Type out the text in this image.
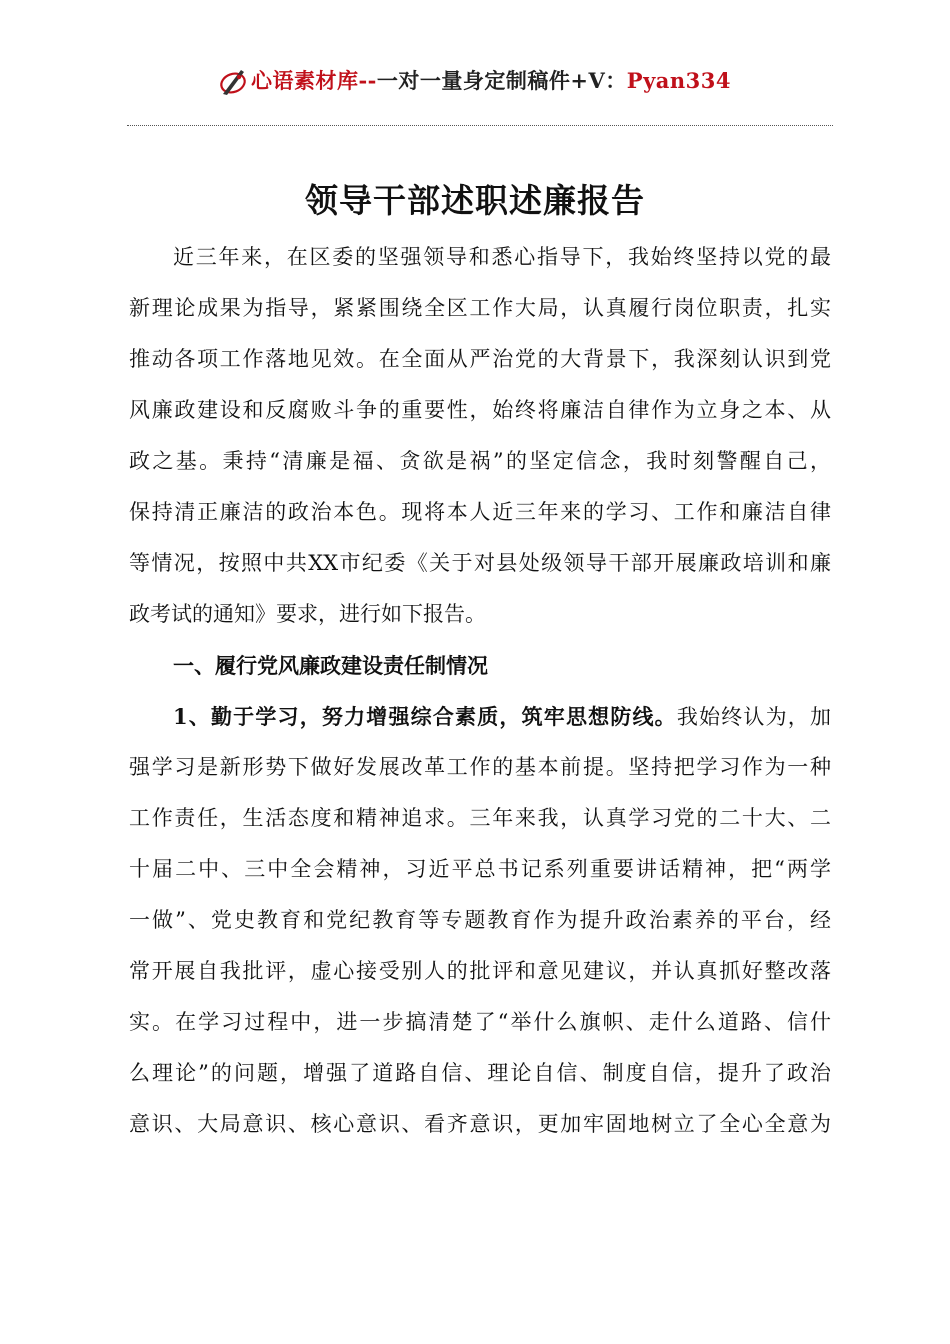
心语素材库--一对一量身定制稿件+V：Pyan334
领导干部述职述廉报告
近三年来，在区委的坚强领导和悉心指导下，我始终坚持以党的最
新理论成果为指导，紧紧围绕全区工作大局，认真履行岗位职责，扎实
推动各项工作落地见效。在全面从严治党的大背景下，我深刻认识到党
风廉政建设和反腐败斗争的重要性，始终将廉洁自律作为立身之本、从
政之基。秉持“清廉是福、贪欲是祸”的坚定信念，我时刻警醒自己，
保持清正廉洁的政治本色。现将本人近三年来的学习、工作和廉洁自律
等情况，按照中共XX市纪委《关于对县处级领导干部开展廉政培训和廉
政考试的通知》要求，进行如下报告。
一、履行党风廉政建设责任制情况
1、勤于学习，努力增强综合素质，筑牢思想防线。我始终认为，加
强学习是新形势下做好发展改革工作的基本前提。坚持把学习作为一种
工作责任，生活态度和精神追求。三年来我，认真学习党的二十大、二
十届二中、三中全会精神，习近平总书记系列重要讲话精神，把“两学
一做”、党史教育和党纪教育等专题教育作为提升政治素养的平台，经
常开展自我批评，虚心接受别人的批评和意见建议，并认真抓好整改落
实。在学习过程中，进一步搞清楚了“举什么旗帜、走什么道路、信什
么理论”的问题，增强了道路自信、理论自信、制度自信，提升了政治
意识、大局意识、核心意识、看齐意识，更加牢固地树立了全心全意为
